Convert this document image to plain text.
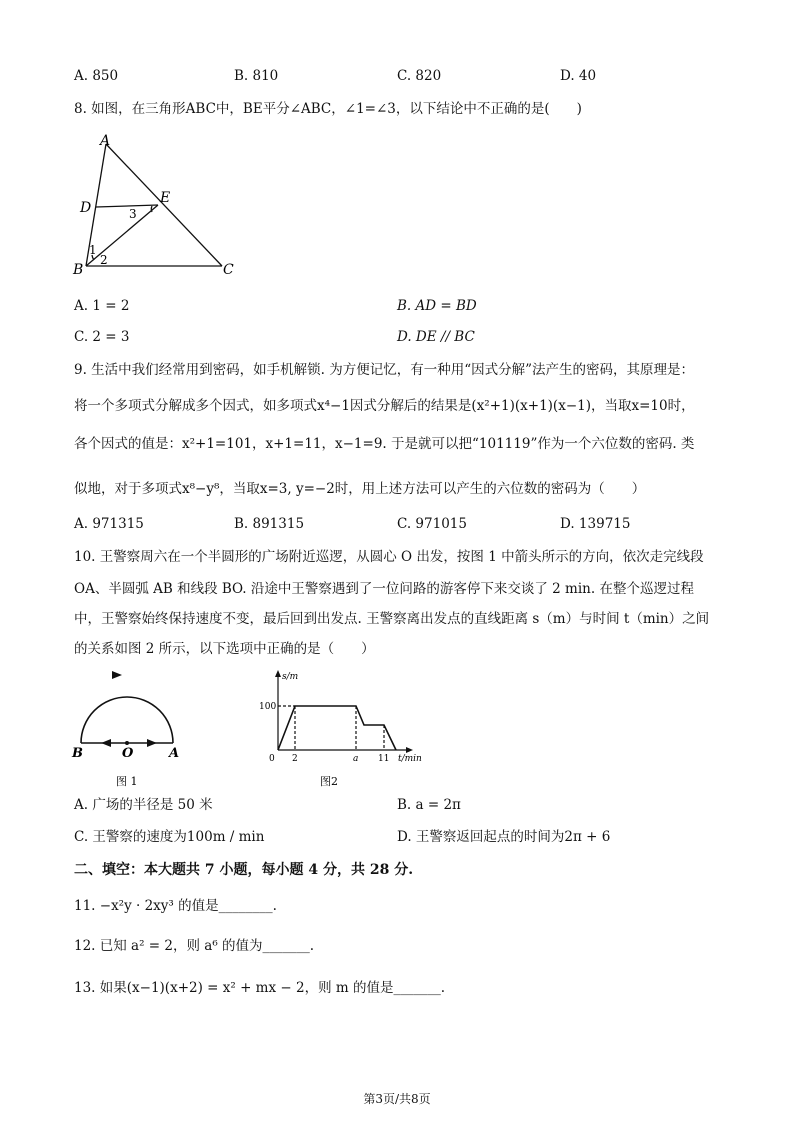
A. 850	B. 810	C. 820	D. 40
8. 如图，在三角形ABC中，BE平分∠ABC，∠1=∠3，以下结论中不正确的是(　　)
A
D
E
B	C
1
2
3
A. 1 = 2	B. AD = BD
C. 2 = 3	D. DE // BC
9. 生活中我们经常用到密码，如手机解锁. 为方便记忆，有一种用“因式分解”法产生的密码，其原理是：
将一个多项式分解成多个因式，如多项式x⁴−1因式分解后的结果是(x²+1)(x+1)(x−1)，当取x=10时，
各个因式的值是：x²+1=101，x+1=11，x−1=9. 于是就可以把“101119”作为一个六位数的密码. 类
似地，对于多项式x⁸−y⁸，当取x=3, y=−2时，用上述方法可以产生的六位数的密码为（　　）
A. 971315	B. 891315	C. 971015	D. 139715
10. 王警察周六在一个半圆形的广场附近巡逻，从圆心 O 出发，按图 1 中箭头所示的方向，依次走完线段
OA、半圆弧 AB 和线段 BO. 沿途中王警察遇到了一位问路的游客停下来交谈了 2 min. 在整个巡逻过程
中，王警察始终保持速度不变，最后回到出发点. 王警察离出发点的直线距离 s（m）与时间 t（min）之间
的关系如图 2 所示，以下选项中正确的是（　　）
B	O	A
图 1
s/m
100
0 2	a 11 t/min
图2
A. 广场的半径是 50 米	B. a = 2π
C. 王警察的速度为100m / min	D. 王警察返回起点的时间为2π + 6
二、填空：本大题共 7 小题，每小题 4 分，共 28 分.
11. −x²y · 2xy³ 的值是________.
12. 已知 a² = 2，则 a⁶ 的值为_______.
13. 如果(x−1)(x+2) = x² + mx − 2，则 m 的值是_______.
第3页/共8页
